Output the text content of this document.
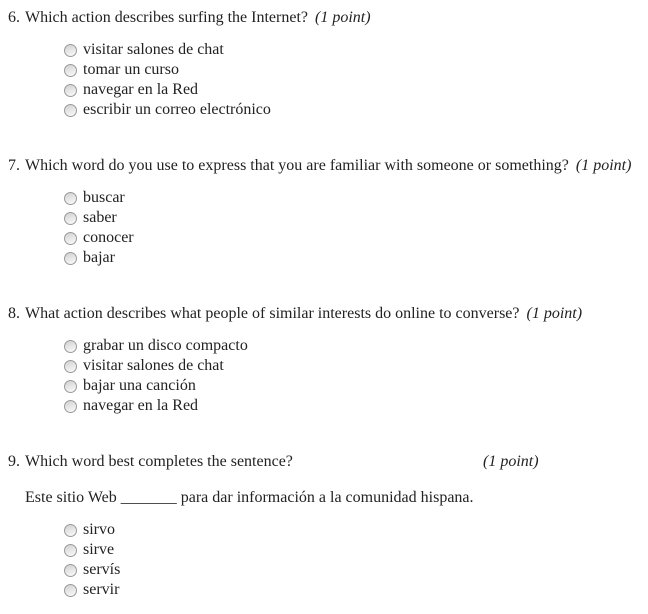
6. Which action describes surfing the Internet? (1 point)
visitar salones de chat
tomar un curso
navegar en la Red
escribir un correo electrónico
7. Which word do you use to express that you are familiar with someone or something? (1 point)
buscar
saber
conocer
bajar
8. What action describes what people of similar interests do online to converse? (1 point)
grabar un disco compacto
visitar salones de chat
bajar una canción
navegar en la Red
9. Which word best completes the sentence?	(1 point)
Este sitio Web _______ para dar información a la comunidad hispana.
sirvo
sirve
servís
servir
